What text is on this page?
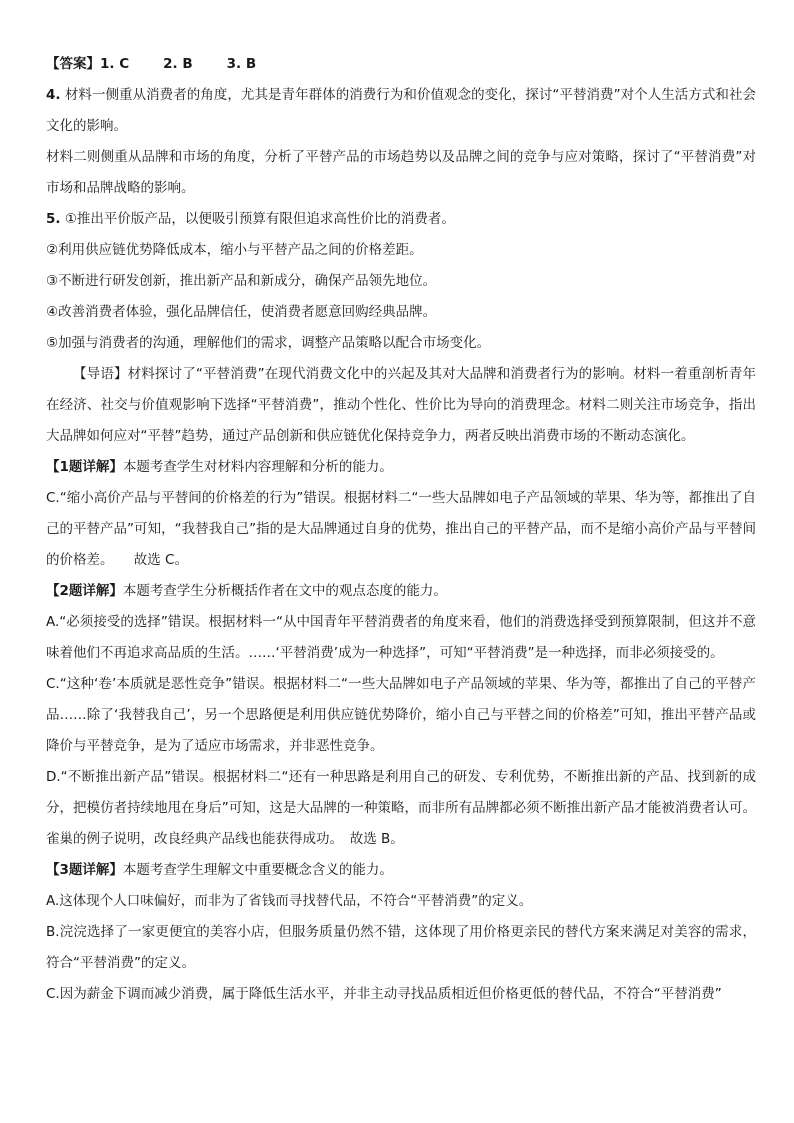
【答案】1. C	2. B	3. B

4. 材料一侧重从消费者的角度，尤其是青年群体的消费行为和价值观念的变化，探讨“平替消费”对个人生活方式和社会文化的影响。

材料二则侧重从品牌和市场的角度，分析了平替产品的市场趋势以及品牌之间的竞争与应对策略，探讨了“平替消费”对市场和品牌战略的影响。

5. ①推出平价版产品，以便吸引预算有限但追求高性价比的消费者。

②利用供应链优势降低成本，缩小与平替产品之间的价格差距。

③不断进行研发创新，推出新产品和新成分，确保产品领先地位。

④改善消费者体验，强化品牌信任，使消费者愿意回购经典品牌。

⑤加强与消费者的沟通，理解他们的需求，调整产品策略以配合市场变化。

【导语】材料探讨了“平替消费”在现代消费文化中的兴起及其对大品牌和消费者行为的影响。材料一着重剖析青年在经济、社交与价值观影响下选择“平替消费”，推动个性化、性价比为导向的消费理念。材料二则关注市场竞争，指出大品牌如何应对“平替”趋势，通过产品创新和供应链优化保持竞争力，两者反映出消费市场的不断动态演化。

【1题详解】本题考查学生对材料内容理解和分析的能力。

C.“缩小高价产品与平替间的价格差的行为”错误。根据材料二“一些大品牌如电子产品领域的苹果、华为等，都推出了自己的平替产品”可知，“我替我自己”指的是大品牌通过自身的优势，推出自己的平替产品，而不是缩小高价产品与平替间的价格差。　　故选 C。

【2题详解】本题考查学生分析概括作者在文中的观点态度的能力。

A.“必须接受的选择”错误。根据材料一“从中国青年平替消费者的角度来看，他们的消费选择受到预算限制，但这并不意味着他们不再追求高品质的生活。……‘平替消费’成为一种选择”，可知“平替消费”是一种选择，而非必须接受的。

C.“这种‘卷’本质就是恶性竞争”错误。根据材料二“一些大品牌如电子产品领域的苹果、华为等，都推出了自己的平替产品……除了‘我替我自己’，另一个思路便是利用供应链优势降价，缩小自己与平替之间的价格差”可知，推出平替产品或降价与平替竞争，是为了适应市场需求，并非恶性竞争。

D.“不断推出新产品”错误。根据材料二“还有一种思路是利用自己的研发、专利优势，不断推出新的产品、找到新的成分，把模仿者持续地甩在身后”可知，这是大品牌的一种策略，而非所有品牌都必须不断推出新产品才能被消费者认可。雀巢的例子说明，改良经典产品线也能获得成功。　故选 B。

【3题详解】本题考查学生理解文中重要概念含义的能力。

A.这体现个人口味偏好，而非为了省钱而寻找替代品，不符合“平替消费”的定义。

B.浣浣选择了一家更便宜的美容小店，但服务质量仍然不错，这体现了用价格更亲民的替代方案来满足对美容的需求，符合“平替消费”的定义。

C.因为薪金下调而减少消费，属于降低生活水平，并非主动寻找品质相近但价格更低的替代品，不符合“平替消费”
